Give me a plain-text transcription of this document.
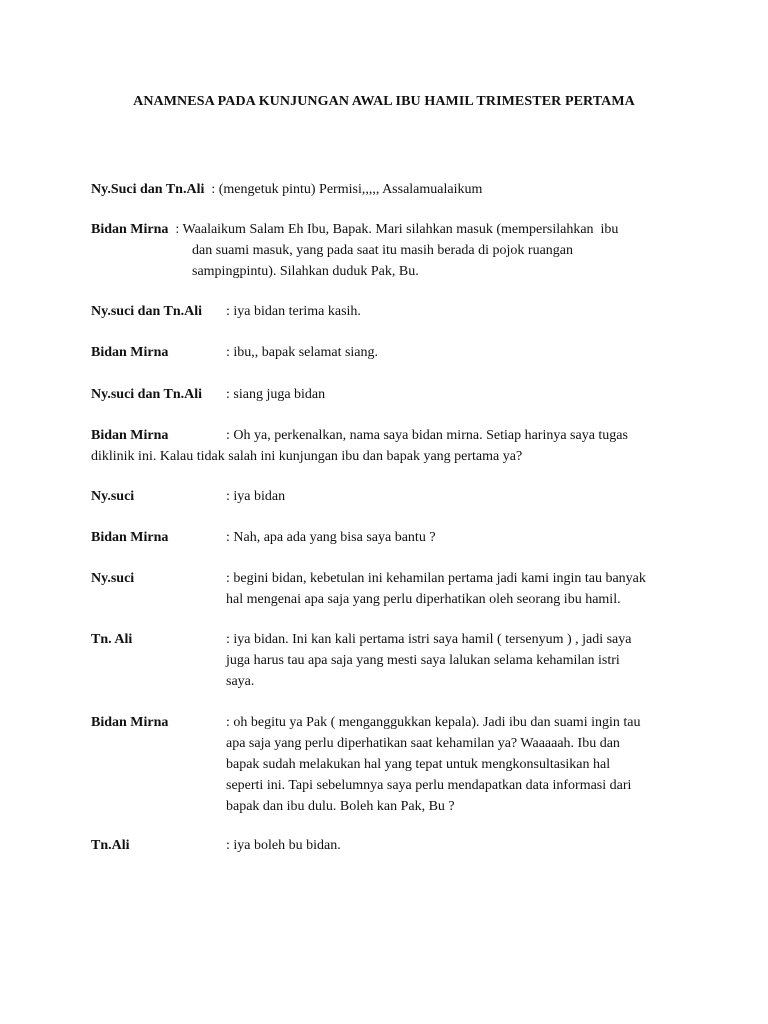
ANAMNESA PADA KUNJUNGAN AWAL IBU HAMIL TRIMESTER PERTAMA
Ny.Suci dan Tn.Ali  : (mengetuk pintu) Permisi,,,,, Assalamualaikum
Bidan Mirna  : Waalaikum Salam Eh Ibu, Bapak. Mari silahkan masuk (mempersilahkan  ibu
dan suami masuk, yang pada saat itu masih berada di pojok ruangan
sampingpintu). Silahkan duduk Pak, Bu.
Ny.suci dan Tn.Ali : iya bidan terima kasih.
Bidan Mirna	: ibu,, bapak selamat siang.
Ny.suci dan Tn.Ali : siang juga bidan
Bidan Mirna	: Oh ya, perkenalkan, nama saya bidan mirna. Setiap harinya saya tugas
diklinik ini. Kalau tidak salah ini kunjungan ibu dan bapak yang pertama ya?
Ny.suci	: iya bidan
Bidan Mirna	: Nah, apa ada yang bisa saya bantu ?
Ny.suci	: begini bidan, kebetulan ini kehamilan pertama jadi kami ingin tau banyak
hal mengenai apa saja yang perlu diperhatikan oleh seorang ibu hamil.
Tn. Ali	: iya bidan. Ini kan kali pertama istri saya hamil ( tersenyum ) , jadi saya
juga harus tau apa saja yang mesti saya lalukan selama kehamilan istri
saya.
Bidan Mirna	: oh begitu ya Pak ( menganggukkan kepala). Jadi ibu dan suami ingin tau
apa saja yang perlu diperhatikan saat kehamilan ya? Waaaaah. Ibu dan
bapak sudah melakukan hal yang tepat untuk mengkonsultasikan hal
seperti ini. Tapi sebelumnya saya perlu mendapatkan data informasi dari
bapak dan ibu dulu. Boleh kan Pak, Bu ?
Tn.Ali	: iya boleh bu bidan.
